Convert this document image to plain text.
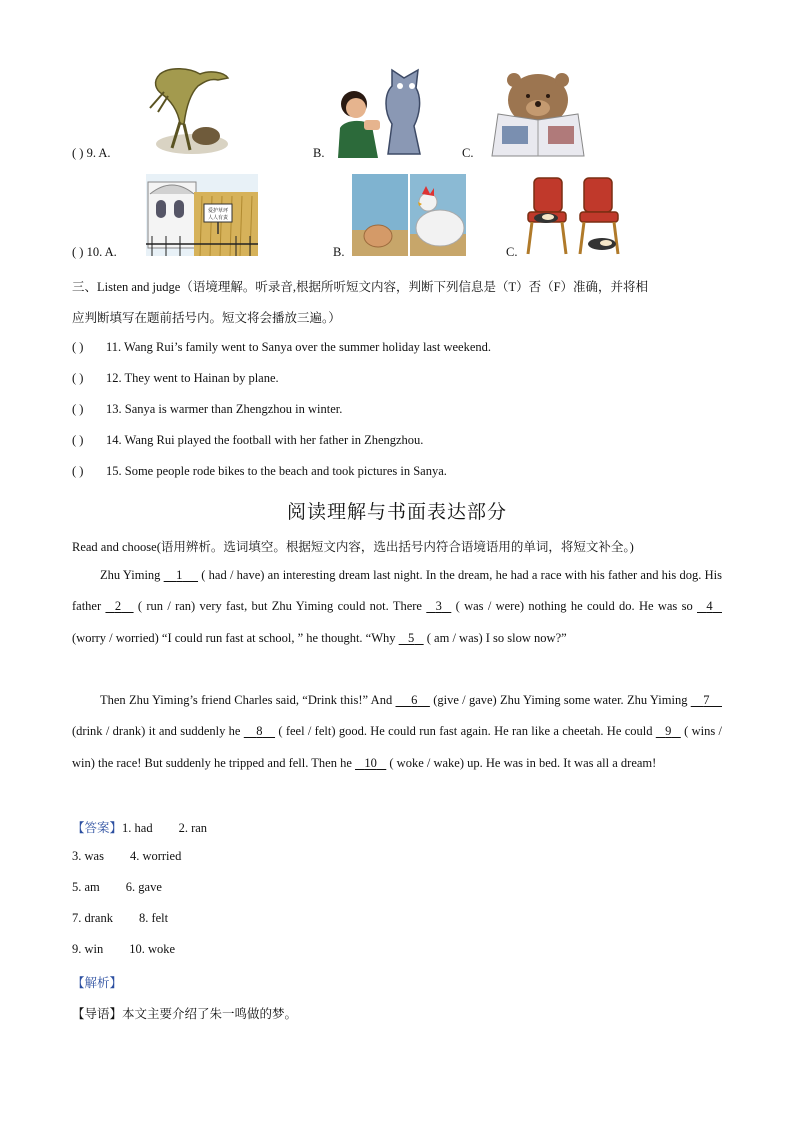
( ) 9. A.	B.	C.
( ) 10. A.
爱护草坪
人人有责
B.	C.
三、Listen and judge（语境理解。听录音,根据所听短文内容，判断下列信息是（T）否（F）准确，并将相
应判断填写在题前括号内。短文将会播放三遍。）
( ) 11. Wang Rui’s family went to Sanya over the summer holiday last weekend.
( ) 12. They went to Hainan by plane.
( ) 13. Sanya is warmer than Zhengzhou in winter.
( ) 14. Wang Rui played the football with her father in Zhengzhou.
( ) 15. Some people rode bikes to the beach and took pictures in Sanya.
阅读理解与书面表达部分
Read and choose(语用辨析。选词填空。根据短文内容，选出括号内符合语境语用的单词，将短文补全。)
Zhu Yiming     1      ( had / have) an interesting dream last night. In the dream, he had a race with his father and his dog. His father    2     ( run / ran) very fast, but Zhu Yiming could not. There    3    ( was / were) nothing he could do. He was so    4    (worry / worried) “I could run fast at school, ” he thought. “Why    5    ( am / was) I so slow now?”
Then Zhu Yiming’s friend Charles said, “Drink this!” And      6     (give / gave) Zhu Yiming some water. Zhu Yiming     7     (drink / drank) it and suddenly he     8     ( feel / felt) good. He could run fast again. He ran like a cheetah. He could    9    ( wins / win) the race! But suddenly he tripped and fell. Then he    10    ( woke / wake) up. He was in bed. It was all a dream!
【答案】1. had 2. ran
3. was 4. worried
5. am 6. gave
7. drank 8. felt
9. win 10. woke
【解析】
【导语】本文主要介绍了朱一鸣做的梦。
